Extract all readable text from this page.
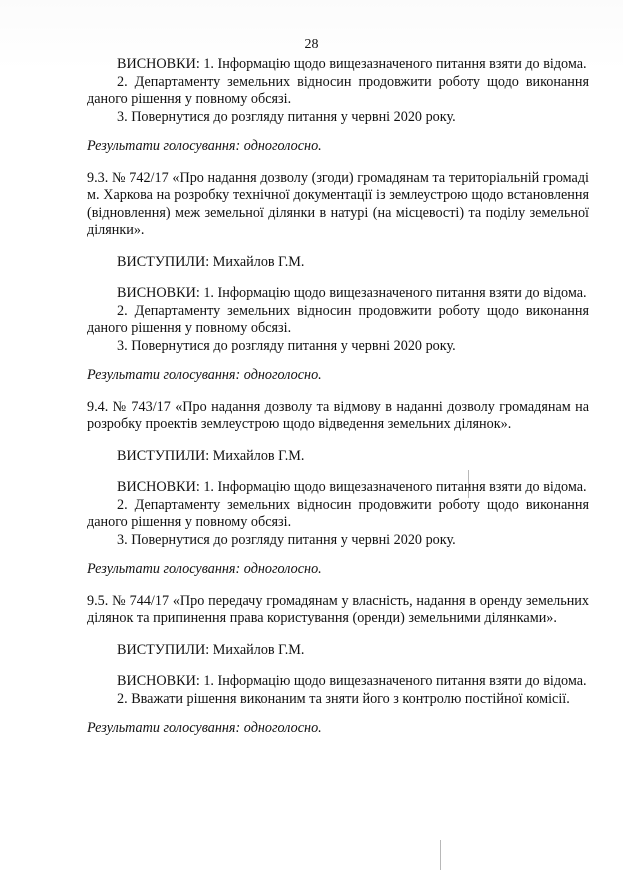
28

ВИСНОВКИ: 1. Інформацію щодо вищезазначеного питання взяти до відома.

2. Департаменту земельних відносин продовжити роботу щодо виконання даного рішення у повному обсязі.

3. Повернутися до розгляду питання у червні 2020 року.

Результати голосування: одноголосно.

9.3. № 742/17 «Про надання дозволу (згоди) громадянам та територіальній громаді м. Харкова на розробку технічної документації із землеустрою щодо встановлення (відновлення) меж земельної ділянки в натурі (на місцевості) та поділу земельної ділянки».

ВИСТУПИЛИ: Михайлов Г.М.

ВИСНОВКИ: 1. Інформацію щодо вищезазначеного питання взяти до відома.

2. Департаменту земельних відносин продовжити роботу щодо виконання даного рішення у повному обсязі.

3. Повернутися до розгляду питання у червні 2020 року.

Результати голосування: одноголосно.

9.4. № 743/17 «Про надання дозволу та відмову в наданні дозволу громадянам на розробку проектів землеустрою щодо відведення земельних ділянок».

ВИСТУПИЛИ: Михайлов Г.М.

ВИСНОВКИ: 1. Інформацію щодо вищезазначеного питання взяти до відома.

2. Департаменту земельних відносин продовжити роботу щодо виконання даного рішення у повному обсязі.

3. Повернутися до розгляду питання у червні 2020 року.

Результати голосування: одноголосно.

9.5. № 744/17 «Про передачу громадянам у власність, надання в оренду земельних ділянок та припинення права користування (оренди) земельними ділянками».

ВИСТУПИЛИ: Михайлов Г.М.

ВИСНОВКИ: 1. Інформацію щодо вищезазначеного питання взяти до відома.

2. Вважати рішення виконаним та зняти його з контролю постійної комісії.

Результати голосування: одноголосно.
